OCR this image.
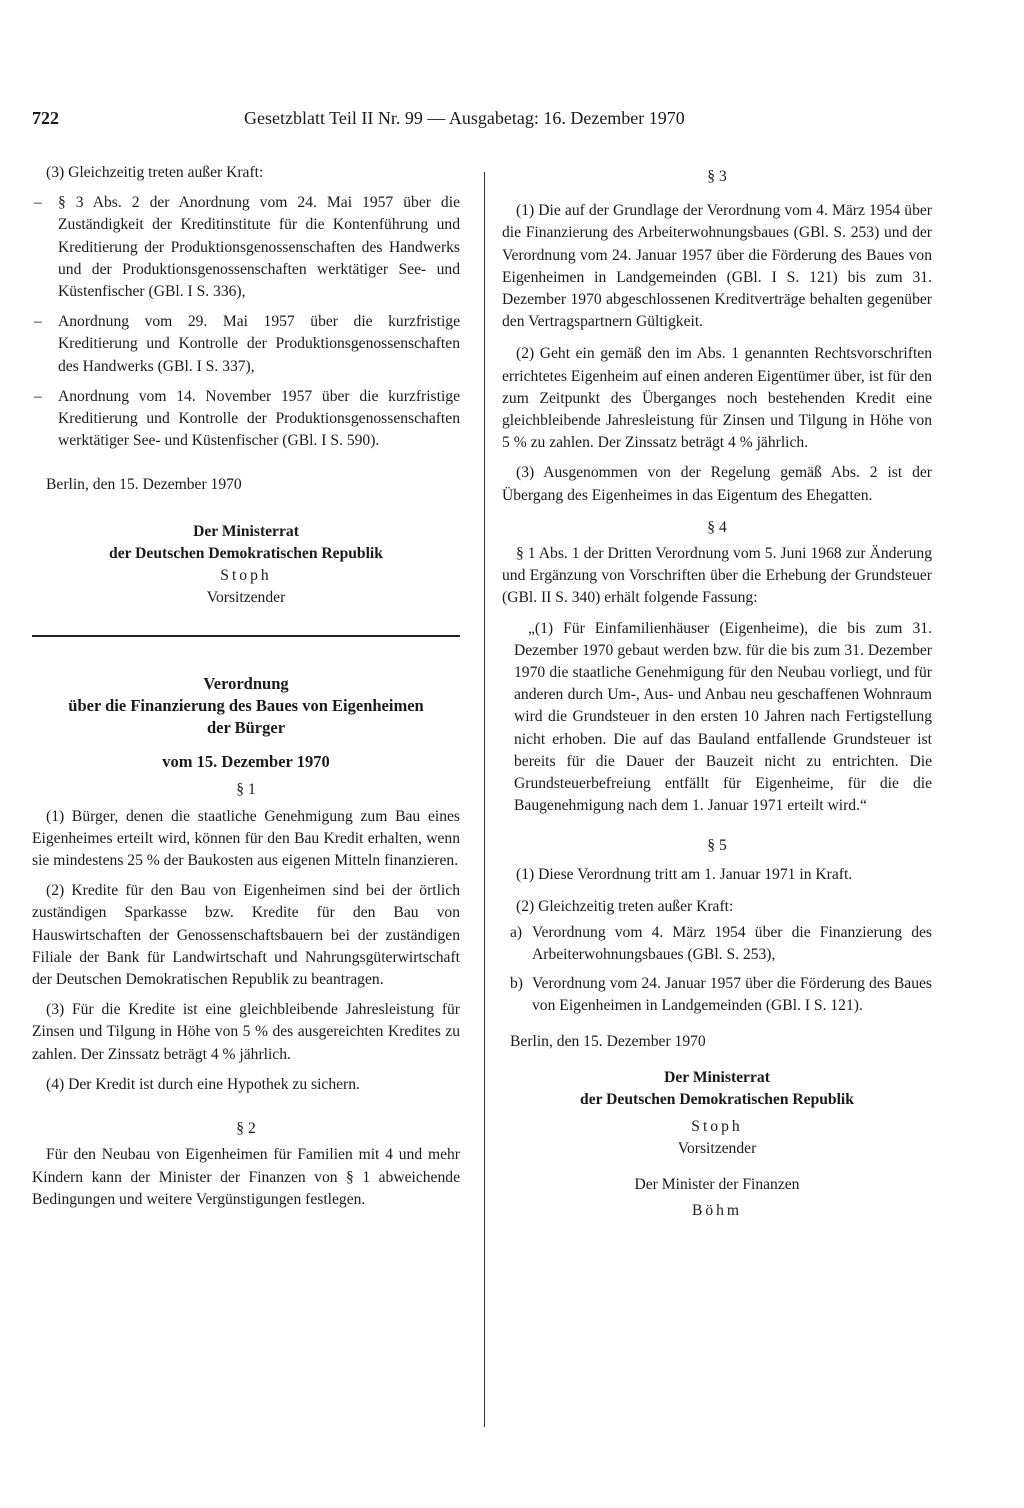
722	Gesetzblatt Teil II Nr. 99 — Ausgabetag: 16. Dezember 1970

(3) Gleichzeitig treten außer Kraft:

– § 3 Abs. 2 der Anordnung vom 24. Mai 1957 über die Zuständigkeit der Kreditinstitute für die Kontenführung und Kreditierung der Produktionsgenossenschaften des Handwerks und der Produktionsgenossenschaften werktätiger See- und Küstenfischer (GBl. I S. 336),

– Anordnung vom 29. Mai 1957 über die kurzfristige Kreditierung und Kontrolle der Produktionsgenossenschaften des Handwerks (GBl. I S. 337),

– Anordnung vom 14. November 1957 über die kurzfristige Kreditierung und Kontrolle der Produktionsgenossenschaften werktätiger See- und Küstenfischer (GBl. I S. 590).

Berlin, den 15. Dezember 1970

Der Ministerrat

der Deutschen Demokratischen Republik

Stoph

Vorsitzender

Verordnung

über die Finanzierung des Baues von Eigenheimen

der Bürger

vom 15. Dezember 1970

§ 1

(1) Bürger, denen die staatliche Genehmigung zum Bau eines Eigenheimes erteilt wird, können für den Bau Kredit erhalten, wenn sie mindestens 25 % der Baukosten aus eigenen Mitteln finanzieren.

(2) Kredite für den Bau von Eigenheimen sind bei der örtlich zuständigen Sparkasse bzw. Kredite für den Bau von Hauswirtschaften der Genossenschaftsbauern bei der zuständigen Filiale der Bank für Landwirtschaft und Nahrungsgüterwirtschaft der Deutschen Demokratischen Republik zu beantragen.

(3) Für die Kredite ist eine gleichbleibende Jahresleistung für Zinsen und Tilgung in Höhe von 5 % des ausgereichten Kredites zu zahlen. Der Zinssatz beträgt 4 % jährlich.

(4) Der Kredit ist durch eine Hypothek zu sichern.

§ 2

Für den Neubau von Eigenheimen für Familien mit 4 und mehr Kindern kann der Minister der Finanzen von § 1 abweichende Bedingungen und weitere Vergünstigungen festlegen.

§ 3

(1) Die auf der Grundlage der Verordnung vom 4. März 1954 über die Finanzierung des Arbeiterwohnungsbaues (GBl. S. 253) und der Verordnung vom 24. Januar 1957 über die Förderung des Baues von Eigenheimen in Landgemeinden (GBl. I S. 121) bis zum 31. Dezember 1970 abgeschlossenen Kreditverträge behalten gegenüber den Vertragspartnern Gültigkeit.

(2) Geht ein gemäß den im Abs. 1 genannten Rechtsvorschriften errichtetes Eigenheim auf einen anderen Eigentümer über, ist für den zum Zeitpunkt des Überganges noch bestehenden Kredit eine gleichbleibende Jahresleistung für Zinsen und Tilgung in Höhe von 5 % zu zahlen. Der Zinssatz beträgt 4 % jährlich.

(3) Ausgenommen von der Regelung gemäß Abs. 2 ist der Übergang des Eigenheimes in das Eigentum des Ehegatten.

§ 4

§ 1 Abs. 1 der Dritten Verordnung vom 5. Juni 1968 zur Änderung und Ergänzung von Vorschriften über die Erhebung der Grundsteuer (GBl. II S. 340) erhält folgende Fassung:

„(1) Für Einfamilienhäuser (Eigenheime), die bis zum 31. Dezember 1970 gebaut werden bzw. für die bis zum 31. Dezember 1970 die staatliche Genehmigung für den Neubau vorliegt, und für anderen durch Um-, Aus- und Anbau neu geschaffenen Wohnraum wird die Grundsteuer in den ersten 10 Jahren nach Fertigstellung nicht erhoben. Die auf das Bauland entfallende Grundsteuer ist bereits für die Dauer der Bauzeit nicht zu entrichten. Die Grundsteuerbefreiung entfällt für Eigenheime, für die die Baugenehmigung nach dem 1. Januar 1971 erteilt wird.“

§ 5

(1) Diese Verordnung tritt am 1. Januar 1971 in Kraft.

(2) Gleichzeitig treten außer Kraft:

a) Verordnung vom 4. März 1954 über die Finanzierung des Arbeiterwohnungsbaues (GBl. S. 253),

b) Verordnung vom 24. Januar 1957 über die Förderung des Baues von Eigenheimen in Landgemeinden (GBl. I S. 121).

Berlin, den 15. Dezember 1970

Der Ministerrat

der Deutschen Demokratischen Republik

Stoph

Vorsitzender

Der Minister der Finanzen

Böhm
